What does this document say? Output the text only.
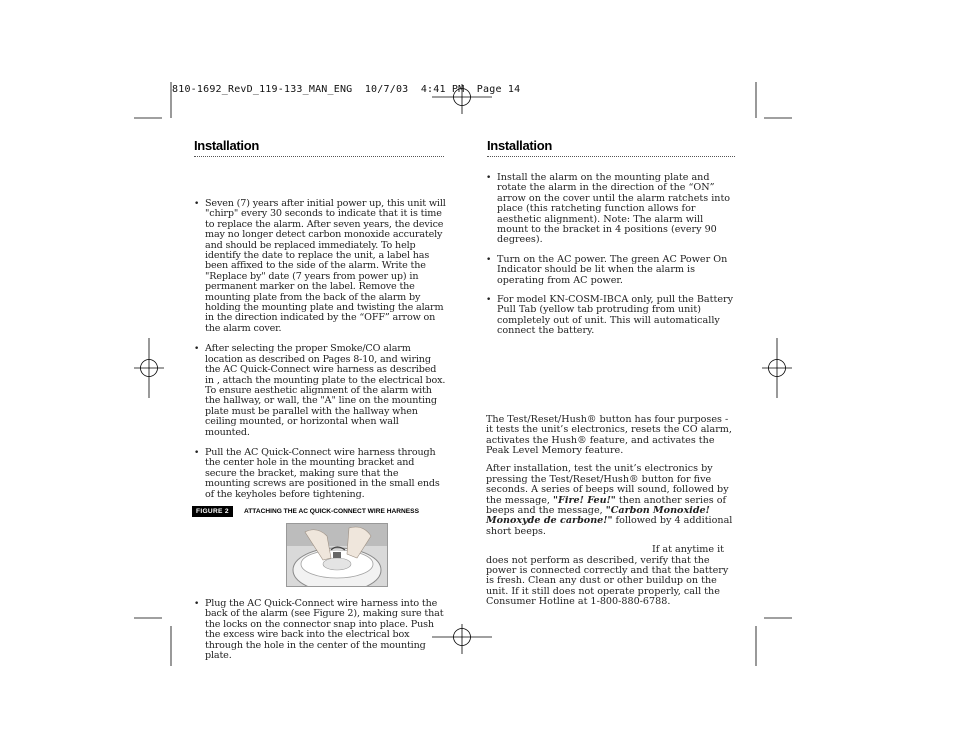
810-1692_RevD_119-133_MAN_ENG  10/7/03  4:41 PM  Page 14
Installation
• Seven (7) years after initial power up, this unit will "chirp" every 30 seconds to indicate that it is time to replace the alarm. After seven years, the device may no longer detect carbon monoxide accurately and should be replaced immediately. To help identify the date to replace the unit, a label has been affixed to the side of the alarm. Write the "Replace by" date (7 years from power up) in permanent marker on the label. Remove the mounting plate from the back of the alarm by holding the mounting plate and twisting the alarm in the direction indicated by the “OFF” arrow on the alarm cover.
• After selecting the proper Smoke/CO alarm location as described on Pages 8-10, and wiring the AC Quick-Connect wire harness as described in , attach the mounting plate to the electrical box. To ensure aesthetic alignment of the alarm with the hallway, or wall, the "A" line on the mounting plate must be parallel with the hallway when ceiling mounted, or horizontal when wall mounted.
• Pull the AC Quick-Connect wire harness through the center hole in the mounting bracket and secure the bracket, making sure that the mounting screws are positioned in the small ends of the keyholes before tightening.
FIGURE 2	ATTACHING THE AC QUICK-CONNECT WIRE HARNESS
• Plug the AC Quick-Connect wire harness into the back of the alarm (see Figure 2), making sure that the locks on the connector snap into place. Push the excess wire back into the electrical box through the hole in the center of the mounting plate.
Installation
• Install the alarm on the mounting plate and rotate the alarm in the direction of the “ON” arrow on the cover until the alarm ratchets into place (this ratcheting function allows for aesthetic alignment). Note: The alarm will mount to the bracket in 4 positions (every 90 degrees).
• Turn on the AC power. The green AC Power On Indicator should be lit when the alarm is operating from AC power.
• For model KN-COSM-IBCA only, pull the Battery Pull Tab (yellow tab protruding from unit) completely out of unit. This will automatically connect the battery.

The Test/Reset/Hush® button has four purposes - it tests the unit’s electronics, resets the CO alarm, activates the Hush® feature, and activates the Peak Level Memory feature.

After installation, test the unit’s electronics by pressing the Test/Reset/Hush® button for five seconds. A series of beeps will sound, followed by the message, "Fire! Feu!" then another series of beeps and the message, "Carbon Monoxide! Monoxyde de carbone!" followed by 4 additional short beeps.

If at anytime it
does not perform as described, verify that the power is connected correctly and that the battery is fresh. Clean any dust or other buildup on the unit. If it still does not operate properly, call the Consumer Hotline at 1-800-880-6788.
